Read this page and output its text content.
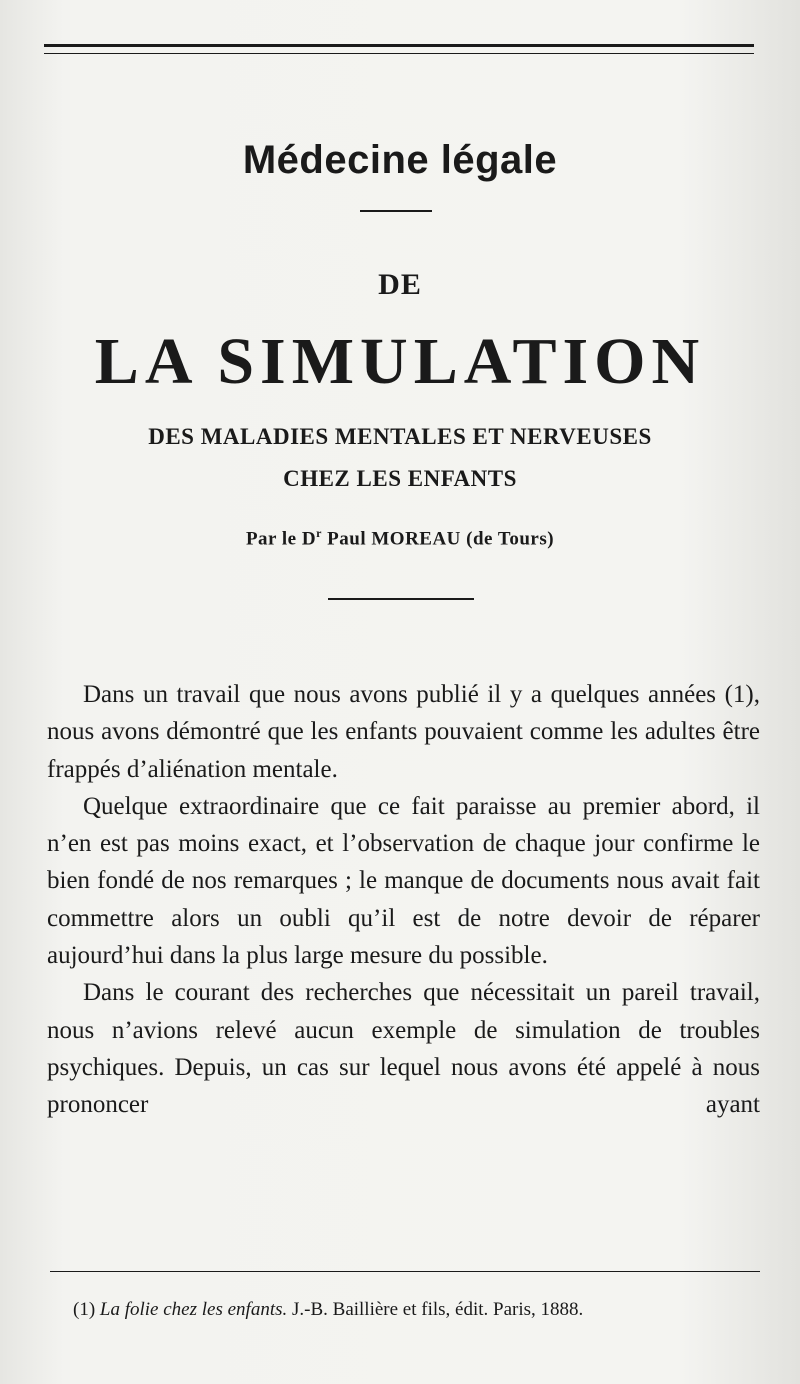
Médecine légale
DE
LA SIMULATION
DES MALADIES MENTALES ET NERVEUSES
CHEZ LES ENFANTS
Par le $D^r$ Paul MOREAU (de Tours)

Dans un travail que nous avons publié il y a quelques années (1), nous avons démontré que les enfants pouvaient comme les adultes être frappés d’aliénation mentale.

Quelque extraordinaire que ce fait paraisse au premier abord, il n’en est pas moins exact, et l’observation de chaque jour confirme le bien fondé de nos remarques ; le manque de documents nous avait fait commettre alors un oubli qu’il est de notre devoir de réparer aujourd’hui dans la plus large mesure du possible.

Dans le courant des recherches que nécessitait un pareil travail, nous n’avions relevé aucun exemple de simulation de troubles psychiques. Depuis, un cas sur lequel nous avons été appelé à nous prononcer ayant

(1) La folie chez les enfants. J.-B. Baillière et fils, édit. Paris, 1888.
